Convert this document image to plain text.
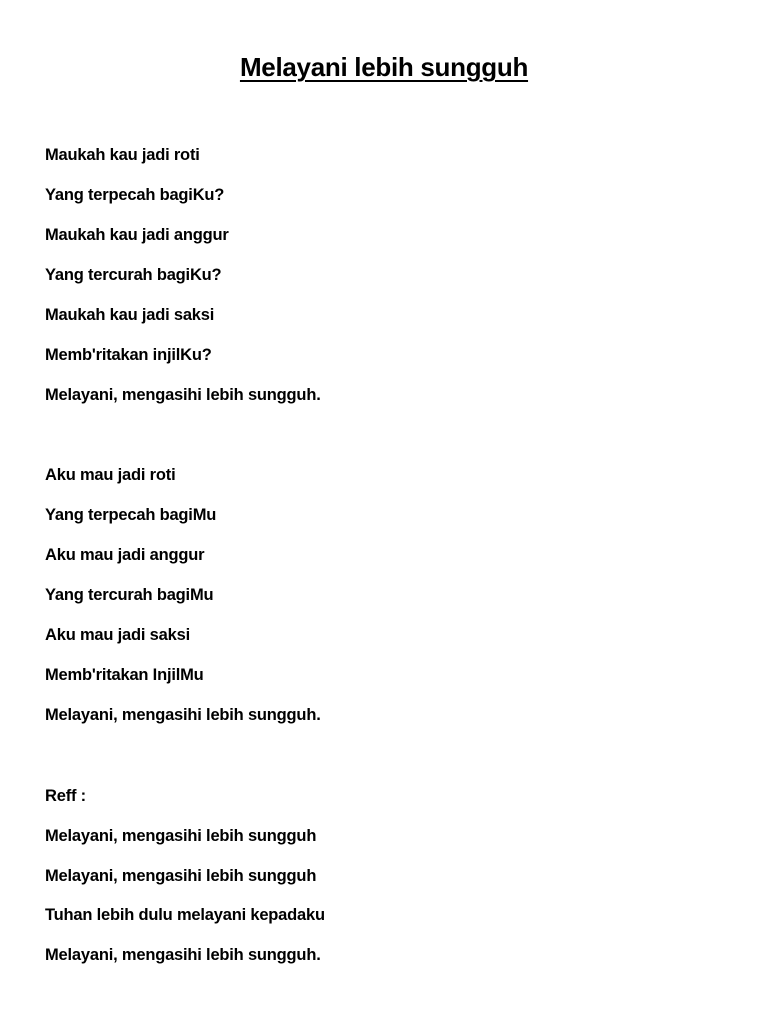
Melayani lebih sungguh
Maukah kau jadi roti
Yang terpecah bagiKu?
Maukah kau jadi anggur
Yang tercurah bagiKu?
Maukah kau jadi saksi
Memb'ritakan injilKu?
Melayani, mengasihi lebih sungguh.
Aku mau jadi roti
Yang terpecah bagiMu
Aku mau jadi anggur
Yang tercurah bagiMu
Aku mau jadi saksi
Memb'ritakan InjilMu
Melayani, mengasihi lebih sungguh.
Reff :
Melayani, mengasihi lebih sungguh
Melayani, mengasihi lebih sungguh
Tuhan lebih dulu melayani kepadaku
Melayani, mengasihi lebih sungguh.
